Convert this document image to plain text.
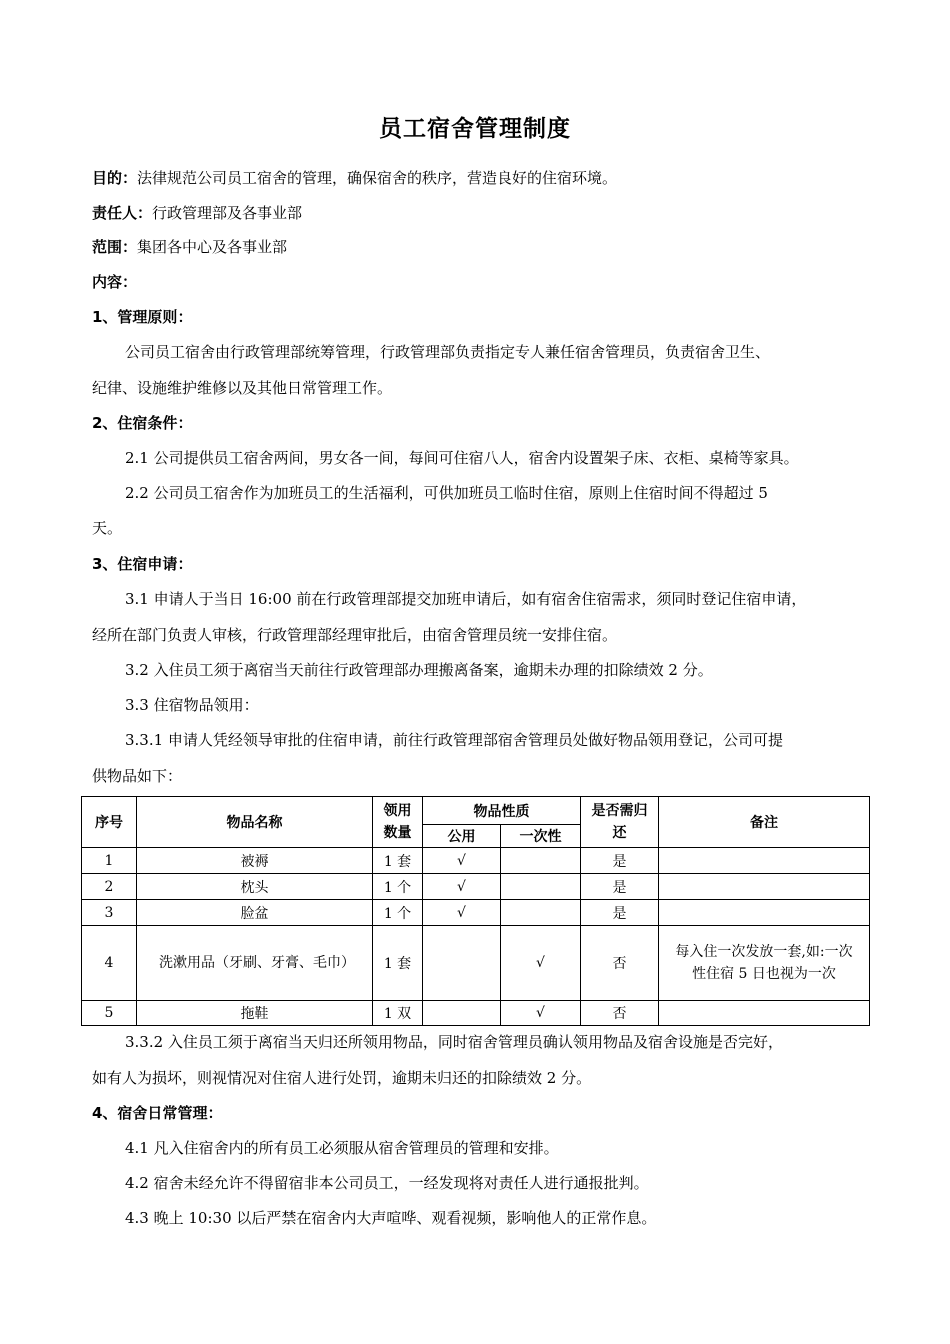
员工宿舍管理制度
目的：法律规范公司员工宿舍的管理，确保宿舍的秩序，营造良好的住宿环境。
责任人：行政管理部及各事业部
范围：集团各中心及各事业部
内容：
1、管理原则：
公司员工宿舍由行政管理部统筹管理，行政管理部负责指定专人兼任宿舍管理员，负责宿舍卫生、
纪律、设施维护维修以及其他日常管理工作。
2、住宿条件：
2.1 公司提供员工宿舍两间，男女各一间，每间可住宿八人，宿舍内设置架子床、衣柜、桌椅等家具。
2.2 公司员工宿舍作为加班员工的生活福利，可供加班员工临时住宿，原则上住宿时间不得超过 5
天。
3、住宿申请：
3.1 申请人于当日 16:00 前在行政管理部提交加班申请后，如有宿舍住宿需求，须同时登记住宿申请，
经所在部门负责人审核，行政管理部经理审批后，由宿舍管理员统一安排住宿。
3.2 入住员工须于离宿当天前往行政管理部办理搬离备案，逾期未办理的扣除绩效 2 分。
3.3 住宿物品领用：
3.3.1 申请人凭经领导审批的住宿申请，前往行政管理部宿舍管理员处做好物品领用登记，公司可提
供物品如下：
序号	物品名称	领用数量	物品性质		是否需归还	备注
			公用	一次性		
1	被褥	1 套	√		是	
2	枕头	1 个	√		是	
3	脸盆	1 个	√		是	
4	洗漱用品（牙刷、牙膏、毛巾）	1 套		√	否	每入住一次发放一套,如:一次性住宿 5 日也视为一次
5	拖鞋	1 双		√	否	
3.3.2 入住员工须于离宿当天归还所领用物品，同时宿舍管理员确认领用物品及宿舍设施是否完好，
如有人为损坏，则视情况对住宿人进行处罚，逾期未归还的扣除绩效 2 分。
4、宿舍日常管理：
4.1 凡入住宿舍内的所有员工必须服从宿舍管理员的管理和安排。
4.2 宿舍未经允许不得留宿非本公司员工，一经发现将对责任人进行通报批判。
4.3 晚上 10:30 以后严禁在宿舍内大声喧哗、观看视频，影响他人的正常作息。
